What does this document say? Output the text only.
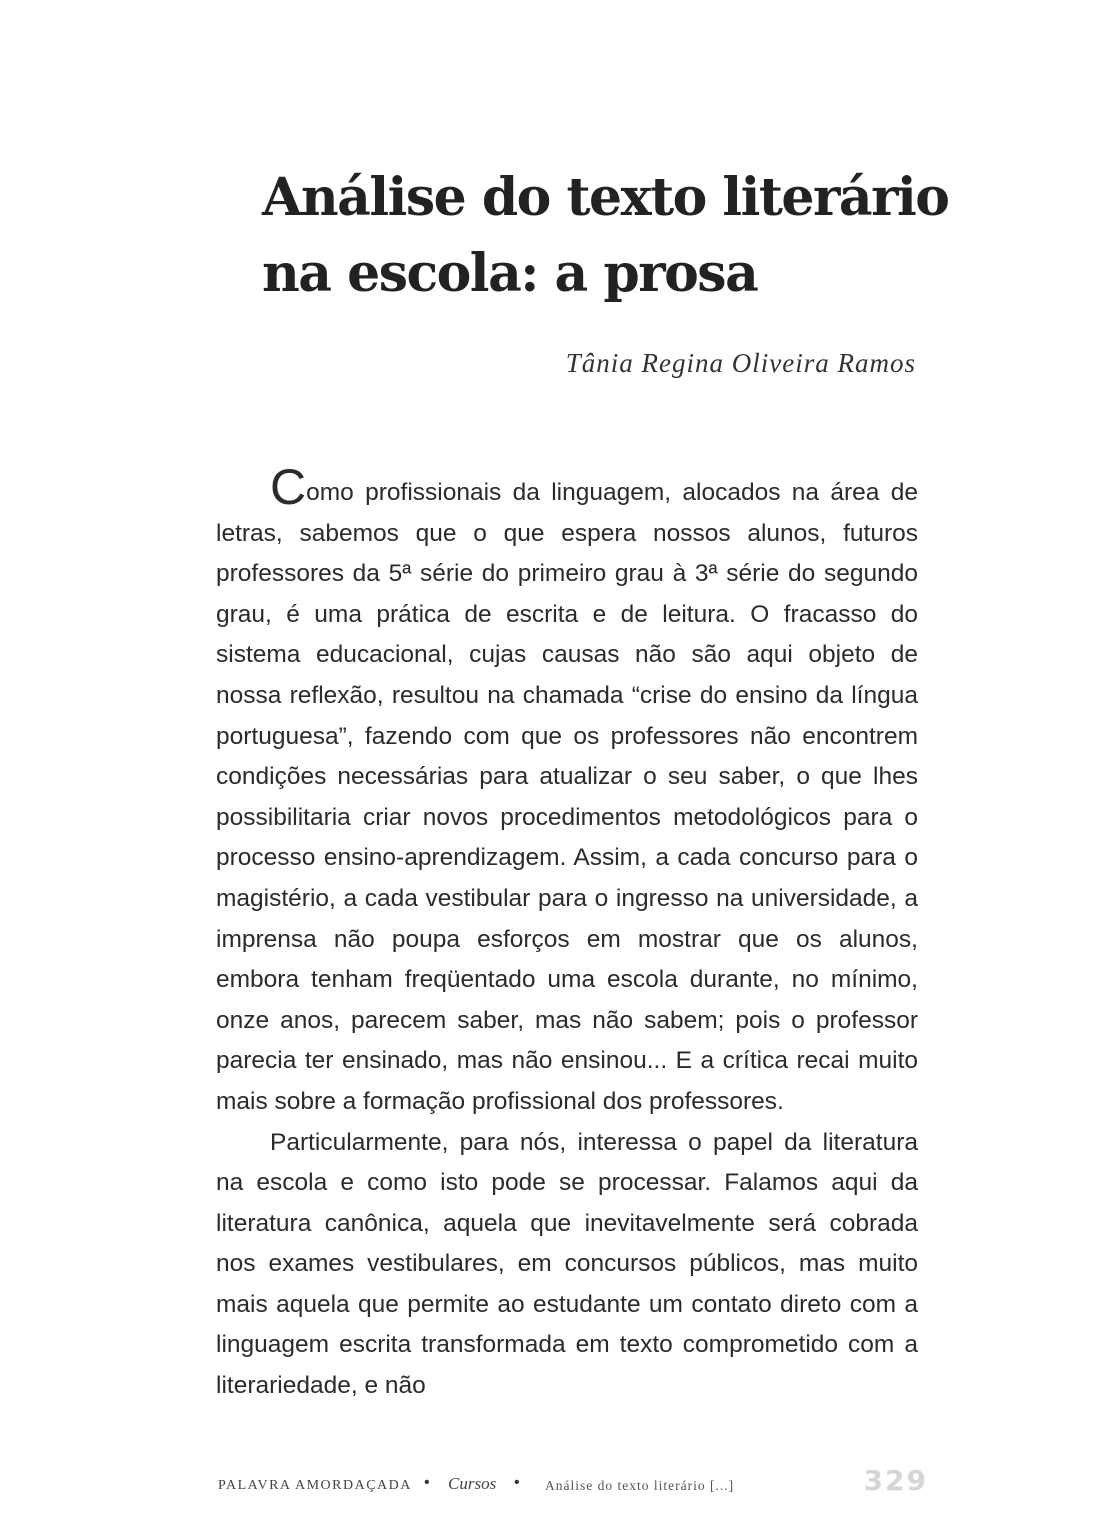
Análise do texto literário
na escola: a prosa
Tânia Regina Oliveira Ramos

Como profissionais da linguagem, alocados na área de letras, sabemos que o que espera nossos alunos, futuros professores da 5ª série do primeiro grau à 3ª série do segundo grau, é uma prática de escrita e de leitura. O fracasso do sistema educacional, cujas causas não são aqui objeto de nossa reflexão, resultou na chamada “crise do ensino da língua portuguesa”, fazendo com que os professores não encontrem condições necessárias para atualizar o seu saber, o que lhes possibilitaria criar novos procedimentos metodológicos para o processo ensino-aprendizagem. Assim, a cada concurso para o magistério, a cada vestibular para o ingresso na universidade, a imprensa não poupa esforços em mostrar que os alunos, embora tenham freqüentado uma escola durante, no mínimo, onze anos, parecem saber, mas não sabem; pois o professor parecia ter ensinado, mas não ensinou... E a crítica recai muito mais sobre a formação profissional dos professores.

Particularmente, para nós, interessa o papel da literatura na escola e como isto pode se processar. Falamos aqui da literatura canônica, aquela que inevitavelmente será cobrada nos exames vestibulares, em concursos públicos, mas muito mais aquela que permite ao estudante um contato direto com a linguagem escrita transformada em texto comprometido com a literariedade, e não

PALAVRA AMORDAÇADA • Cursos • Análise do texto literário [...]	329
